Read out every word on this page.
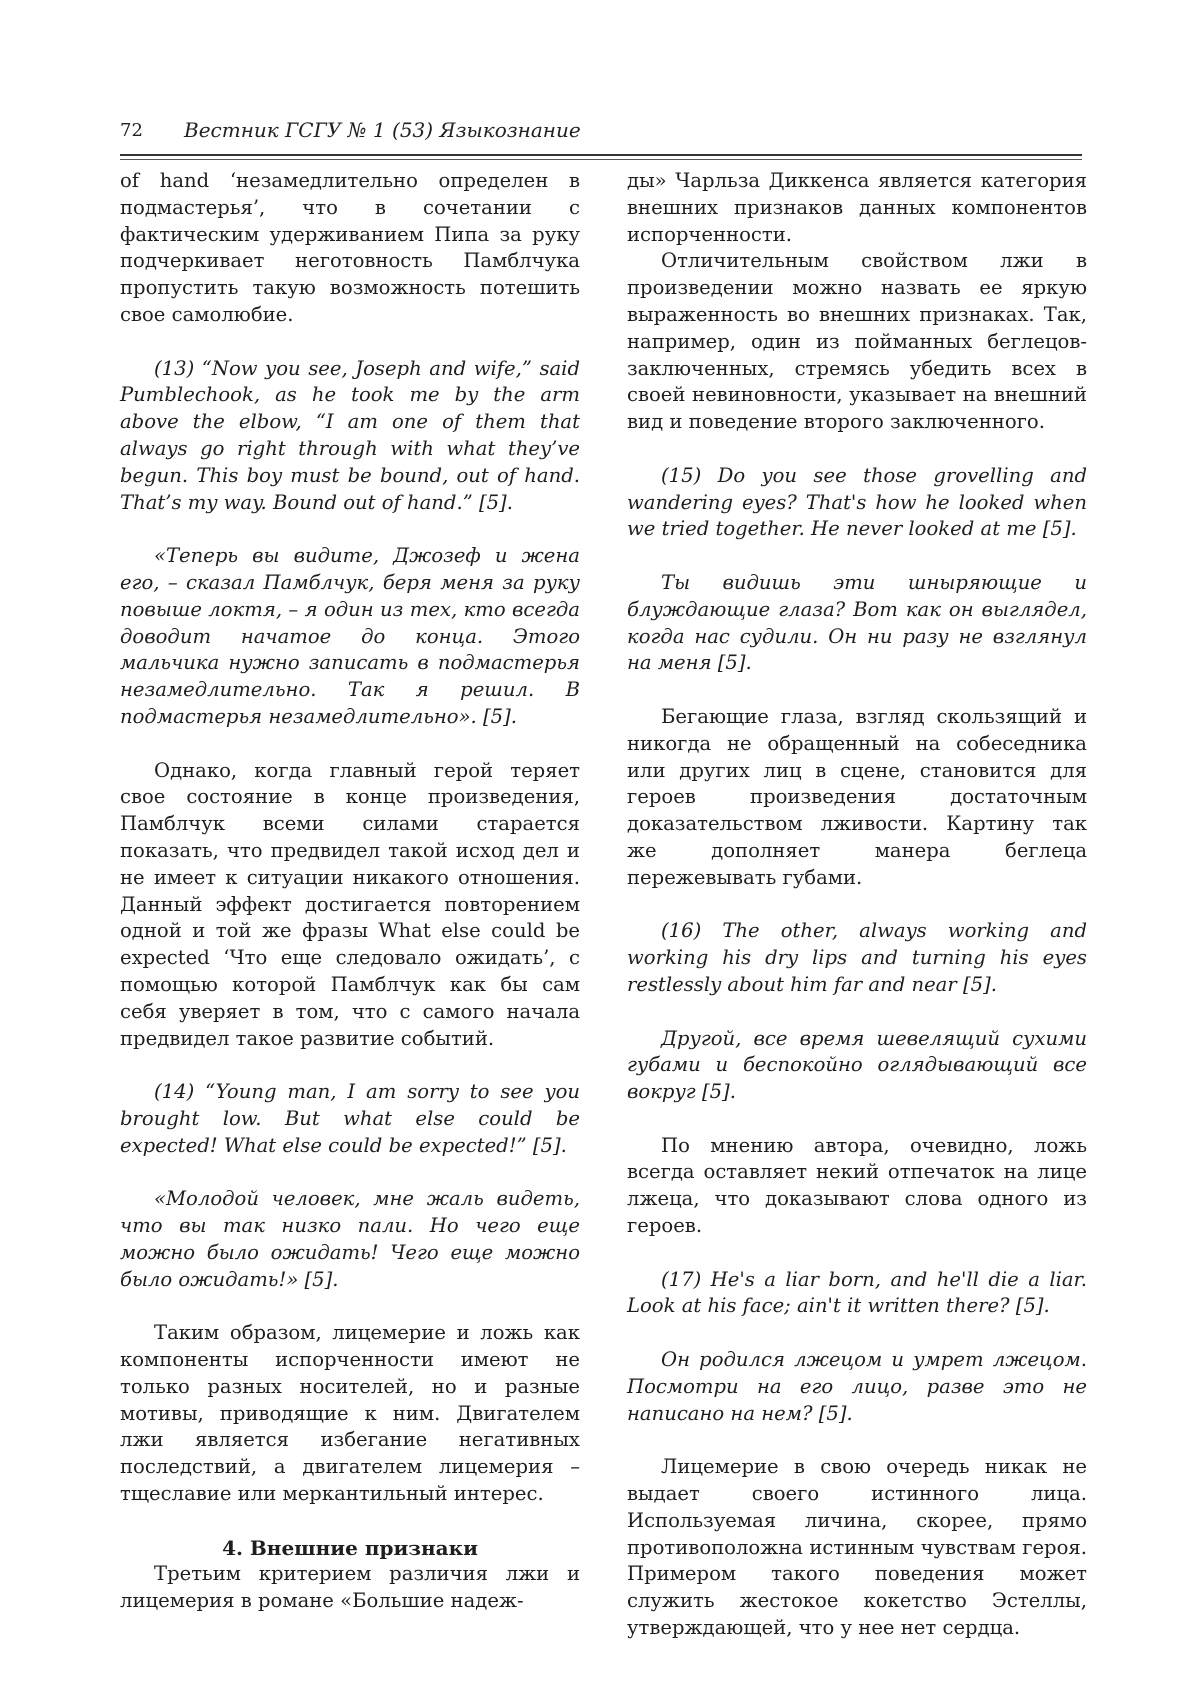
72 Вестник ГСГУ № 1 (53) Языкознание

of hand ‘незамедлительно определен в подмастерья’, что в сочетании с фактическим удерживанием Пипа за руку подчеркивает неготовность Памблчука пропустить такую возможность потешить свое самолюбие.

(13) “Now you see, Joseph and wife,” said Pumblechook, as he took me by the arm above the elbow, “I am one of them that always go right through with what they’ve begun. This boy must be bound, out of hand. That’s my way. Bound out of hand.” [5].

«Теперь вы видите, Джозеф и жена его, – сказал Памблчук, беря меня за руку повыше локтя, – я один из тех, кто всегда доводит начатое до конца. Этого мальчика нужно записать в подмастерья незамедлительно. Так я решил. В подмастерья незамедлительно». [5].

Однако, когда главный герой теряет свое состояние в конце произведения, Памблчук всеми силами старается показать, что предвидел такой исход дел и не имеет к ситуации никакого отношения. Данный эффект достигается повторением одной и той же фразы What else could be expected ‘Что еще следовало ожидать’, с помощью которой Памблчук как бы сам себя уверяет в том, что с самого начала предвидел такое развитие событий.

(14) “Young man, I am sorry to see you brought low. But what else could be expected! What else could be expected!” [5].

«Молодой человек, мне жаль видеть, что вы так низко пали. Но чего еще можно было ожидать! Чего еще можно было ожидать!» [5].

Таким образом, лицемерие и ложь как компоненты испорченности имеют не только разных носителей, но и разные мотивы, приводящие к ним. Двигателем лжи является избегание негативных последствий, а двигателем лицемерия – тщеславие или меркантильный интерес.

4. Внешние признаки

Третьим критерием различия лжи и лицемерия в романе «Большие надеж-

ды» Чарльза Диккенса является категория внешних признаков данных компонентов испорченности.

Отличительным свойством лжи в произведении можно назвать ее яркую выраженность во внешних признаках. Так, например, один из пойманных беглецов-заключенных, стремясь убедить всех в своей невиновности, указывает на внешний вид и поведение второго заключенного.

(15) Do you see those grovelling and wandering eyes? That's how he looked when we tried together. He never looked at me [5].

Ты видишь эти шныряющие и блуждающие глаза? Вот как он выглядел, когда нас судили. Он ни разу не взглянул на меня [5].

Бегающие глаза, взгляд скользящий и никогда не обращенный на собеседника или других лиц в сцене, становится для героев произведения достаточным доказательством лживости. Картину так же дополняет манера беглеца пережевывать губами.

(16) The other, always working and working his dry lips and turning his eyes restlessly about him far and near [5].

Другой, все время шевелящий сухими губами и беспокойно оглядывающий все вокруг [5].

По мнению автора, очевидно, ложь всегда оставляет некий отпечаток на лице лжеца, что доказывают слова одного из героев.

(17) He's a liar born, and he'll die a liar. Look at his face; ain't it written there? [5].

Он родился лжецом и умрет лжецом. Посмотри на его лицо, разве это не написано на нем? [5].

Лицемерие в свою очередь никак не выдает своего истинного лица. Используемая личина, скорее, прямо противоположна истинным чувствам героя. Примером такого поведения может служить жестокое кокетство Эстеллы, утверждающей, что у нее нет сердца.
